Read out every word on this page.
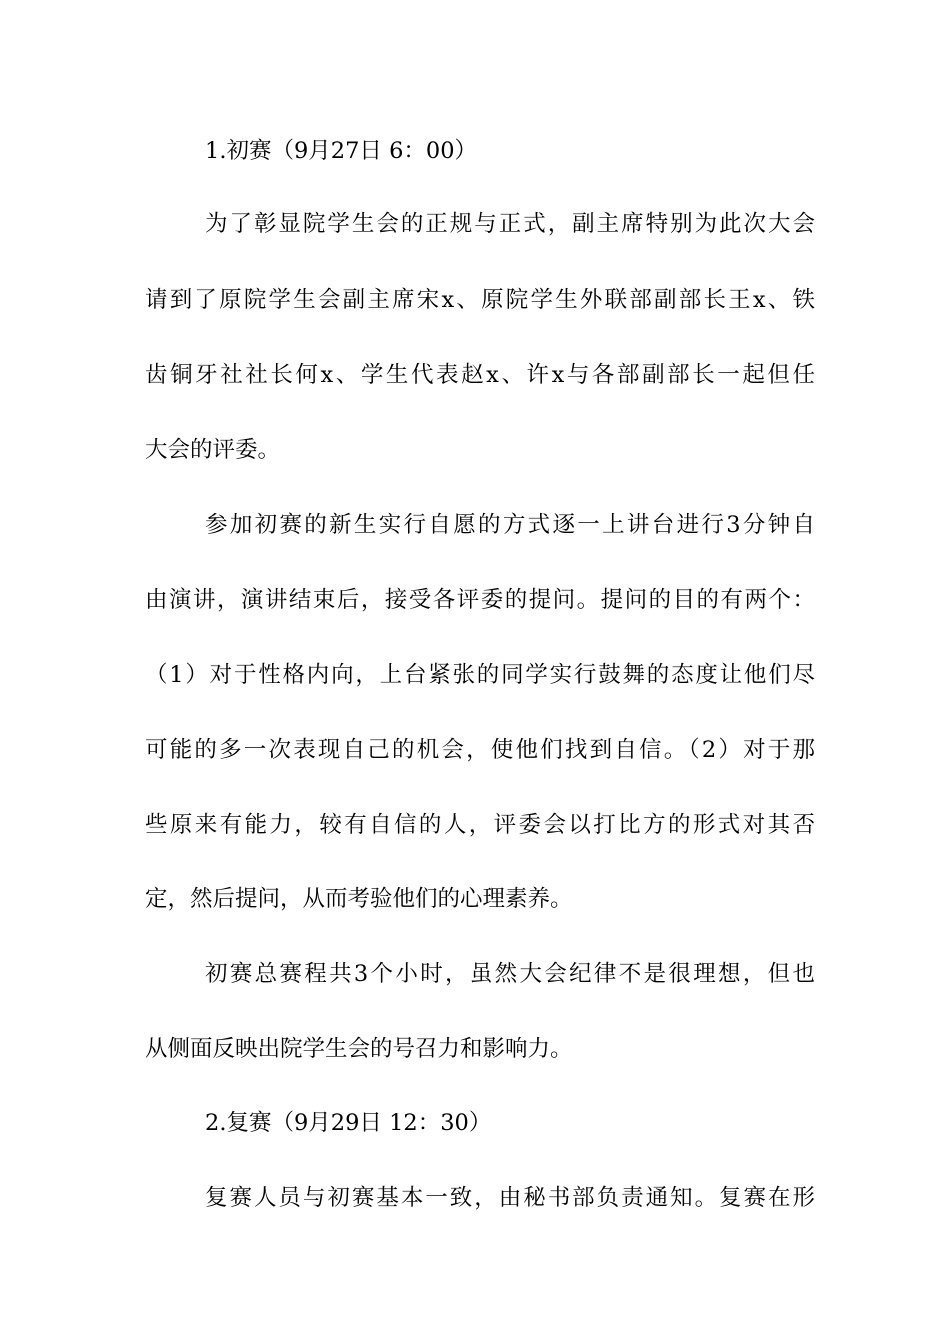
1.初赛（9月27日 6：00）
为了彰显院学生会的正规与正式，副主席特别为此次大会
请到了原院学生会副主席宋x、原院学生外联部副部长王x、铁
齿铜牙社社长何x、学生代表赵x、许x与各部副部长一起但任
大会的评委。
参加初赛的新生实行自愿的方式逐一上讲台进行3分钟自
由演讲，演讲结束后，接受各评委的提问。提问的目的有两个：
（1）对于性格内向，上台紧张的同学实行鼓舞的态度让他们尽
可能的多一次表现自己的机会，使他们找到自信。（2）对于那
些原来有能力，较有自信的人，评委会以打比方的形式对其否
定，然后提问，从而考验他们的心理素养。
初赛总赛程共3个小时，虽然大会纪律不是很理想，但也
从侧面反映出院学生会的号召力和影响力。
2.复赛（9月29日 12：30）
复赛人员与初赛基本一致，由秘书部负责通知。复赛在形
